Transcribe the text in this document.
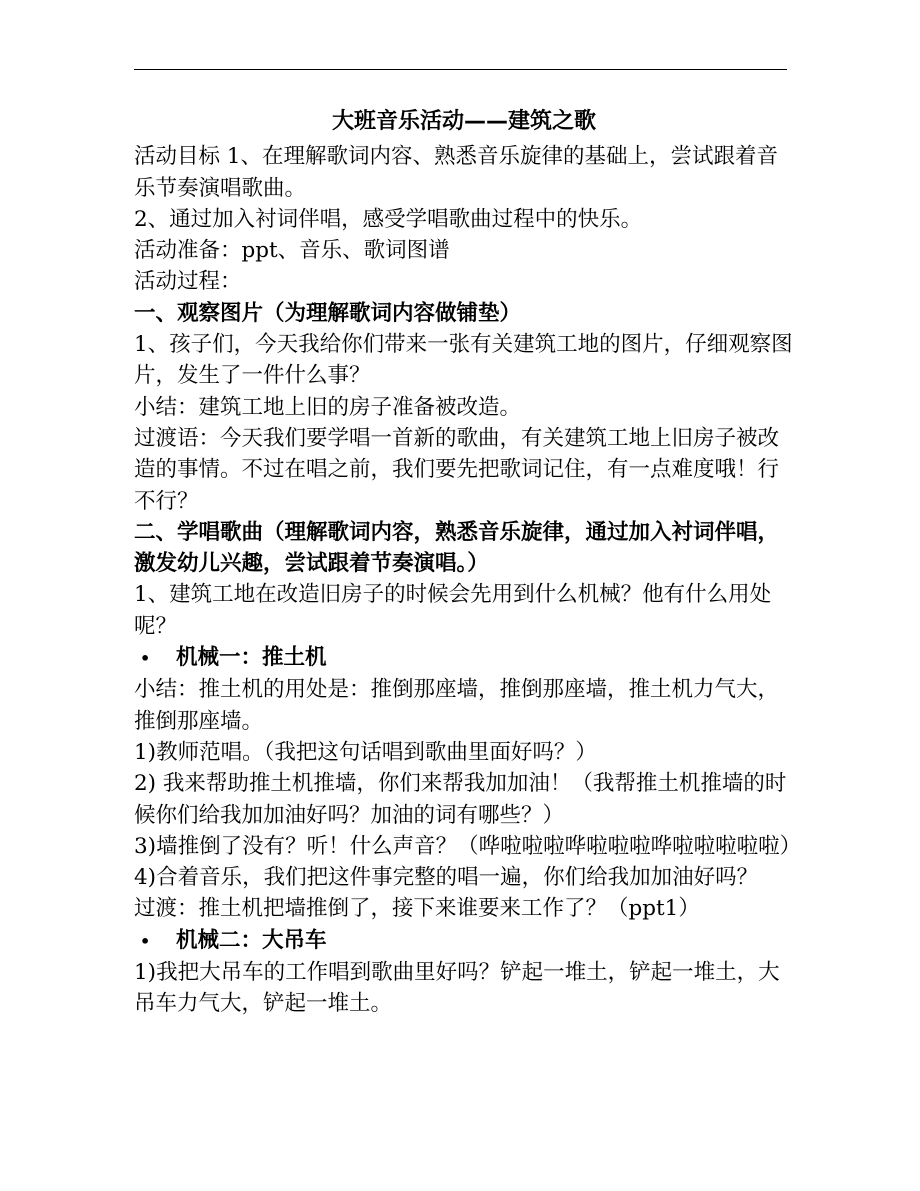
大班音乐活动——建筑之歌

活动目标 1、在理解歌词内容、熟悉音乐旋律的基础上，尝试跟着音乐节奏演唱歌曲。

2、通过加入衬词伴唱，感受学唱歌曲过程中的快乐。

活动准备：ppt、音乐、歌词图谱

活动过程：

一、观察图片（为理解歌词内容做铺垫）

1、孩子们，今天我给你们带来一张有关建筑工地的图片，仔细观察图片，发生了一件什么事？

小结：建筑工地上旧的房子准备被改造。

过渡语：今天我们要学唱一首新的歌曲，有关建筑工地上旧房子被改造的事情。不过在唱之前，我们要先把歌词记住，有一点难度哦！行不行？

二、学唱歌曲（理解歌词内容，熟悉音乐旋律，通过加入衬词伴唱，激发幼儿兴趣，尝试跟着节奏演唱。）

1、建筑工地在改造旧房子的时候会先用到什么机械？他有什么用处呢？

•	机械一：推土机

小结：推土机的用处是：推倒那座墙，推倒那座墙，推土机力气大，推倒那座墙。

1)教师范唱。（我把这句话唱到歌曲里面好吗？）

2) 我来帮助推土机推墙，你们来帮我加加油！（我帮推土机推墙的时候你们给我加加油好吗？加油的词有哪些？）

3)墙推倒了没有？听！什么声音？（哗啦啦啦哗啦啦啦哗啦啦啦啦啦）

4)合着音乐，我们把这件事完整的唱一遍，你们给我加加油好吗？

过渡：推土机把墙推倒了，接下来谁要来工作了？（ppt1）

•	机械二：大吊车

1)我把大吊车的工作唱到歌曲里好吗？铲起一堆土，铲起一堆土，大吊车力气大，铲起一堆土。
